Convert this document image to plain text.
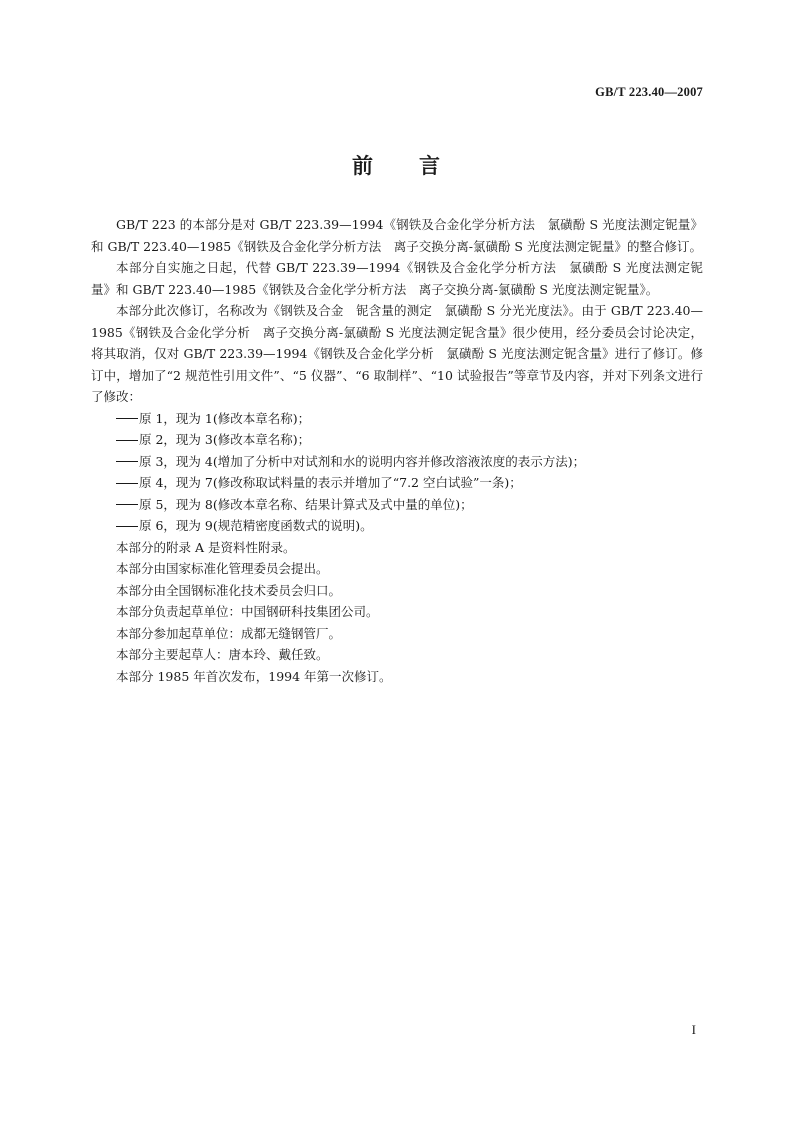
GB/T 223.40—2007
前 言

GB/T 223 的本部分是对 GB/T 223.39—1994《钢铁及合金化学分析方法　氯磺酚 S 光度法测定铌量》和 GB/T 223.40—1985《钢铁及合金化学分析方法　离子交换分离-氯磺酚 S 光度法测定铌量》的整合修订。

本部分自实施之日起，代替 GB/T 223.39—1994《钢铁及合金化学分析方法　氯磺酚 S 光度法测定铌量》和 GB/T 223.40—1985《钢铁及合金化学分析方法　离子交换分离-氯磺酚 S 光度法测定铌量》。

本部分此次修订，名称改为《钢铁及合金　铌含量的测定　氯磺酚 S 分光光度法》。由于 GB/T 223.40—1985《钢铁及合金化学分析　离子交换分离-氯磺酚 S 光度法测定铌含量》很少使用，经分委员会讨论决定，将其取消，仅对 GB/T 223.39—1994《钢铁及合金化学分析　氯磺酚 S 光度法测定铌含量》进行了修订。修订中，增加了“2 规范性引用文件”、“5 仪器”、“6 取制样”、“10 试验报告”等章节及内容，并对下列条文进行了修改：

原 1，现为 1(修改本章名称)；

原 2，现为 3(修改本章名称)；

原 3，现为 4(增加了分析中对试剂和水的说明内容并修改溶液浓度的表示方法)；

原 4，现为 7(修改称取试料量的表示并增加了“7.2 空白试验”一条)；

原 5，现为 8(修改本章名称、结果计算式及式中量的单位)；

原 6，现为 9(规范精密度函数式的说明)。

本部分的附录 A 是资料性附录。

本部分由国家标准化管理委员会提出。

本部分由全国钢标准化技术委员会归口。

本部分负责起草单位：中国钢研科技集团公司。

本部分参加起草单位：成都无缝钢管厂。

本部分主要起草人：唐本玲、戴任致。

本部分 1985 年首次发布，1994 年第一次修订。

I
